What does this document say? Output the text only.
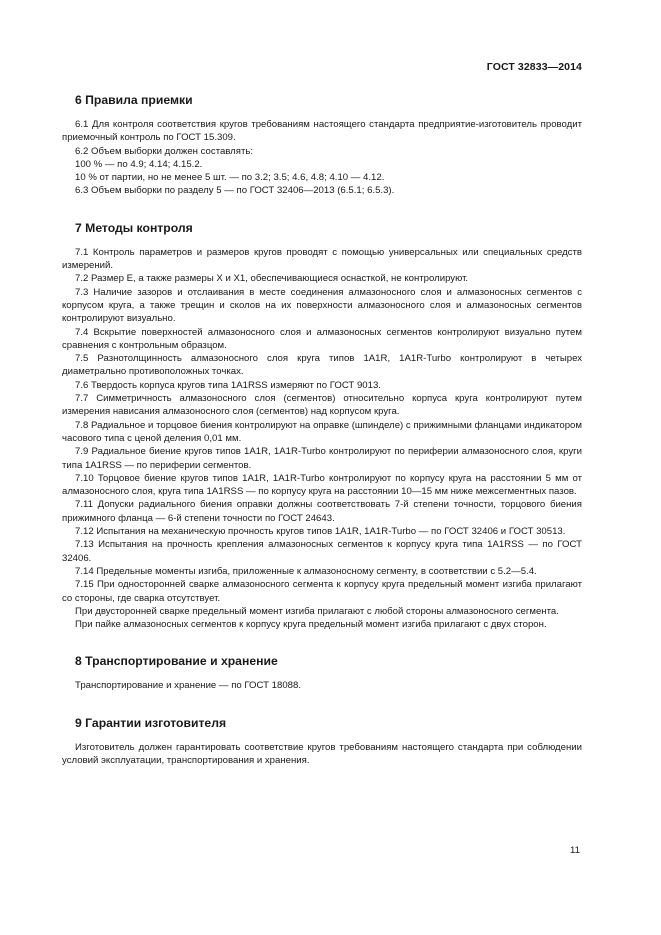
ГОСТ 32833—2014
6 Правила приемки

6.1 Для контроля соответствия кругов требованиям настоящего стандарта предприятие-изготовитель проводит приемочный контроль по ГОСТ 15.309.

6.2 Объем выборки должен составлять:

100 % — по 4.9; 4.14; 4.15.2.

10 % от партии, но не менее 5 шт. — по 3.2; 3.5; 4.6, 4.8; 4.10 — 4.12.

6.3 Объем выборки по разделу 5 — по ГОСТ 32406—2013 (6.5.1; 6.5.3).

7 Методы контроля

7.1 Контроль параметров и размеров кругов проводят с помощью универсальных или специальных средств измерений.

7.2 Размер E, а также размеры X и X1, обеспечивающиеся оснасткой, не контролируют.

7.3 Наличие зазоров и отслаивания в месте соединения алмазоносного слоя и алмазоносных сегментов с корпусом круга, а также трещин и сколов на их поверхности алмазоносного слоя и алмазоносных сегментов контролируют визуально.

7.4 Вскрытие поверхностей алмазоносного слоя и алмазоносных сегментов контролируют визуально путем сравнения с контрольным образцом.

7.5 Разнотолщинность алмазоносного слоя круга типов 1A1R, 1A1R-Turbo контролируют в четырех диаметрально противоположных точках.

7.6 Твердость корпуса кругов типа 1A1RSS измеряют по ГОСТ 9013.

7.7 Симметричность алмазоносного слоя (сегментов) относительно корпуса круга контролируют путем измерения нависания алмазоносного слоя (сегментов) над корпусом круга.

7.8 Радиальное и торцовое биения контролируют на оправке (шпинделе) с прижимными фланцами индикатором часового типа с ценой деления 0,01 мм.

7.9 Радиальное биение кругов типов 1A1R, 1A1R-Turbo контролируют по периферии алмазоносного слоя, круги типа 1A1RSS — по периферии сегментов.

7.10 Торцовое биение кругов типов 1A1R, 1A1R-Turbo контролируют по корпусу круга на расстоянии 5 мм от алмазоносного слоя, круга типа 1A1RSS — по корпусу круга на расстоянии 10—15 мм ниже межсегментных пазов.

7.11 Допуски радиального биения оправки должны соответствовать 7-й степени точности, торцового биения прижимного фланца — 6-й степени точности по ГОСТ 24643.

7.12 Испытания на механическую прочность кругов типов 1A1R, 1A1R-Turbo — по ГОСТ 32406 и ГОСТ 30513.

7.13 Испытания на прочность крепления алмазоносных сегментов к корпусу круга типа 1A1RSS — по ГОСТ 32406.

7.14 Предельные моменты изгиба, приложенные к алмазоносному сегменту, в соответствии с 5.2—5.4.

7.15 При односторонней сварке алмазоносного сегмента к корпусу круга предельный момент изгиба прилагают со стороны, где сварка отсутствует.

При двусторонней сварке предельный момент изгиба прилагают с любой стороны алмазоносного сегмента.

При пайке алмазоносных сегментов к корпусу круга предельный момент изгиба прилагают с двух сторон.

8 Транспортирование и хранение

Транспортирование и хранение — по ГОСТ 18088.

9 Гарантии изготовителя

Изготовитель должен гарантировать соответствие кругов требованиям настоящего стандарта при соблюдении условий эксплуатации, транспортирования и хранения.

11
